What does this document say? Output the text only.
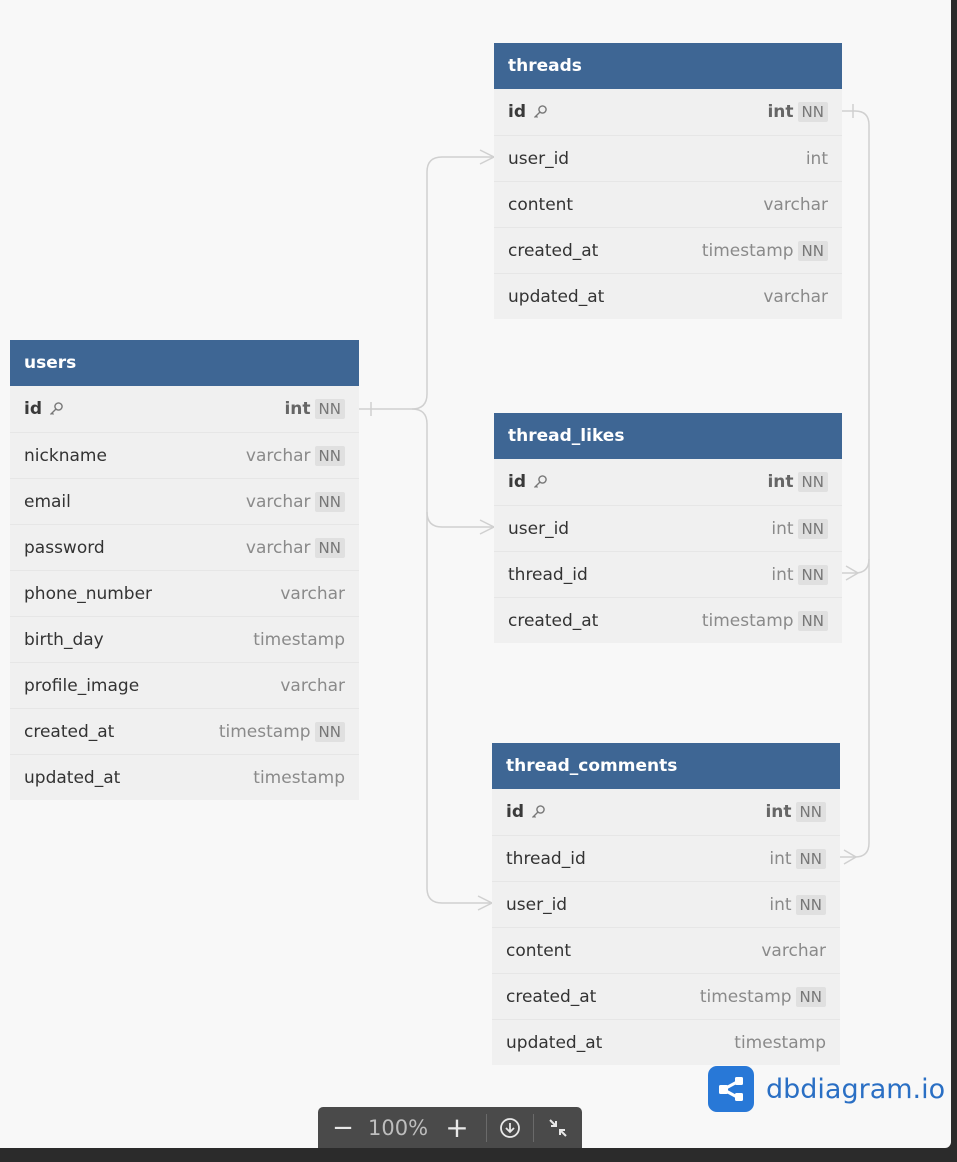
threads
id	int NN
user_id	int
content	varchar
created_at	timestamp NN
updated_at	varchar
users
id	int NN
nickname	varchar NN
email	varchar NN
password	varchar NN
phone_number	varchar
birth_day	timestamp
profile_image	varchar
created_at	timestamp NN
updated_at	timestamp
thread_likes
id	int NN
user_id	int NN
thread_id	int NN
created_at	timestamp NN
thread_comments
id	int NN
thread_id	int NN
user_id	int NN
content	varchar
created_at	timestamp NN
updated_at	timestamp
dbdiagram.io
− 100% +
